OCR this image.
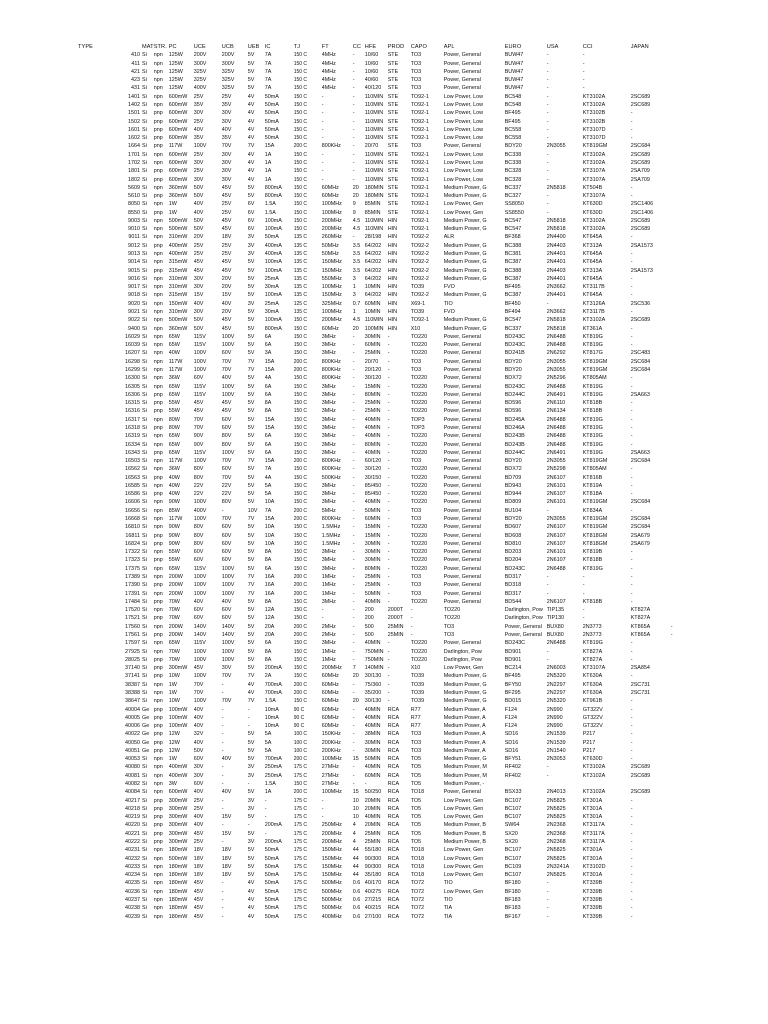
TYPE	MAT	STR.	PC	UCE	UCB	UEB	IC	TJ	FT	CC	HFE	PROD	CAPO	APL	EURO	USA	CCI	JAPAN	
410	Si	npn	125W	200V	200V	5V	7A	150 C	4MHz	-	10/60	STE	TO3	Power, General	BUW47	-	-		
411	Si	npn	125W	300V	300V	5V	7A	150 C	4MHz	-	10/60	STE	TO3	Power, General	BUW47	-	-		
421	Si	npn	125W	325V	325V	5V	7A	150 C	4MHz	-	10/60	STE	TO3	Power, General	BUW47	-	-		
423	Si	npn	125W	325V	325V	5V	7A	150 C	4MHz	-	40/60	STE	TO3	Power, General	BUW47	-	-		
431	Si	npn	125W	400V	325V	5V	7A	150 C	4MHz	-	40/120	STE	TO3	Power, General	BUW47	-	-		
1401	Si	npn	600mW	25V	25V	4V	50mA	150 C	-	-	110MIN	STE	TO92-1	Low Power, Low	BC548	-	KT3102A	2SC689	
1402	Si	npn	600mW	35V	35V	4V	50mA	150 C	-	-	110MIN	STE	TO92-1	Low Power, Low	BC548	-	KT3102A	2SC689	
1501	Si	pnp	600mW	30V	30V	4V	50mA	150 C	-	-	110MIN	STE	TO92-1	Low Power, Low	BF495	-	KT3102B	-	
1502	Si	pnp	600mW	25V	30V	4V	50mA	150 C	-	-	110MIN	STE	TO92-1	Low Power, Low	BF495	-	KT3102B	-	
1601	Si	pnp	600mW	40V	40V	4V	50mA	150 C	-	-	110MIN	STE	TO92-1	Low Power, Low	BC558	-	KT3107D	-	
1602	Si	pnp	600mW	35V	35V	4V	50mA	150 C	-	-	110MIN	STE	TO92-1	Low Power, Low	BC558	-	KT3107D	-	
1664	Si	pnp	117W	100V	70V	7V	15A	200 C	800KHz	-	20/70	STE	TO3	Power, General	BDY20	2N3055	KT819GM	2SC684	
1701	Si	npn	600mW	25V	30V	4V	1A	150 C	-	-	110MIN	STE	TO92-1	Low Power, Low	BC338	-	KT3102A	2SC689	
1702	Si	npn	600mW	30V	30V	4V	1A	150 C	-	-	110MIN	STE	TO92-1	Low Power, Low	BC338	-	KT3102A	2SC689	
1801	Si	pnp	600mW	25V	30V	4V	1A	150 C	-	-	110MIN	STE	TO92-1	Low Power, Low	BC328	-	KT3107A	2SA709	
1802	Si	pnp	600mW	30V	30V	4V	1A	150 C	-	-	110MIN	STE	TO92-1	Low Power, Low	BC328	-	KT3107A	2SA709	
5609	Si	npn	360mW	50V	45V	5V	800mA	150 C	60MHz	20	180MIN	STE	TO92-1	Medium Power, G	BC337	2N5818	KT504B	-	
5610	Si	pnp	360mW	50V	45V	5V	800mA	150 C	60MHz	20	180MIN	STE	TO92-1	Medium Power, G	BC327	-	KT3107A	-	
8050	Si	npn	1W	40V	25V	6V	1.5A	150 C	100MHz	9	85MIN	STE	TO92-1	Low Power, Gen	SS8050	-	KT630D	2SC1406	
8550	Si	pnp	1W	40V	25V	6V	1.5A	150 C	100MHz	9	85MIN	STE	TO92-1	Low Power, Gen	SS8550	-	KT630D	2SC1406	
9003	Si	npn	500mW	50V	45V	6V	100mA	150 C	200MHz	4.5	110MIN	HIN	TO92-1	Medium Power, G	BC547	2N5818	KT3102A	2SC689	
9010	Si	npn	500mW	50V	45V	6V	100mA	150 C	200MHz	4.5	110MIN	HIN	TO92-1	Medium Power, G	BC547	2N5818	KT3102A	2SC689	
9011	Si	npn	310mW	20V	18V	3V	50mA	135 C	260MHz	-	28/198	HIN	TO92-2	ALR	BF368	2N4400	KT645A	-	
9012	Si	pnp	400mW	25V	25V	3V	400mA	135 C	50MHz	3.5	64/202	HIN	TO92-2	Medium Power, G	BC388	2N4403	KT313A	2SA1573	
9013	Si	npn	400mW	25V	25V	3V	400mA	135 C	50MHz	3.5	64/202	HIN	TO92-2	Medium Power, G	BC381	2N4401	KT645A	-	
9014	Si	npn	315mW	45V	45V	5V	100mA	135 C	150MHz	3.5	64/202	HIN	TO92-2	Medium Power, G	BC387	2N4401	KT645A	-	
9015	Si	pnp	315mW	45V	45V	5V	100mA	135 C	150MHz	3.5	64/202	HIN	TO92-2	Medium Power, G	BC388	2N4403	KT313A	2SA1573	
9016	Si	npn	310mW	30V	20V	5V	25mA	135 C	550MHz	3	64/202	HIN	TO92-2	Medium Power, G	BC387	2N4401	KT645A	-	
9017	Si	npn	310mW	30V	20V	5V	30mA	135 C	100MHz	1	10MIN	HIN	TO39	FVO	BF495	2N3662	KT3117B	-	
9018	Si	npn	315mW	15V	15V	5V	100mA	135 C	150MHz	3	64/202	HIN	TO92-2	Medium Power, G	BC387	2N4401	KT645A	-	
9020	Si	npn	150mW	40V	40V	3V	25mA	125 C	325MHz	0.7	60MIN	HIN	X69-1	TIO	BF450	-	KT3126A	2SC536	
9021	Si	npn	310mW	30V	20V	5V	30mA	135 C	100MHz	1	10MIN	HIN	TO39	FVO	BF494	2N3662	KT3117B	-	
9022	Si	npn	500mW	50V	45V	5V	100mA	150 C	200MHz	4.5	110MIN	HIN	TO92-1	Medium Power, G	BC547	2N5818	KT3102A	2SC689	
9400	Si	npn	360mW	50V	45V	5V	800mA	150 C	60MHz	20	100MIN	HIN	X10	Medium Power, G	BC337	2N5818	KT361A	-	
16029	Si	npn	65W	115V	100V	5V	6A	150 C	3MHz	-	30MIN	-	TO220	Power, General	BD243C	2N6488	KT819G	-	
16039	Si	npn	65W	115V	100V	5V	6A	150 C	3MHz	-	60MIN	-	TO220	Power, General	BD243C	2N6488	KT819G	-	
16207	Si	npn	40W	100V	60V	5V	3A	150 C	3MHz	-	25MIN	-	TO220	Power, General	BD241B	2N6292	KT817G	2SC483	
16298	Si	npn	117W	100V	70V	7V	15A	200 C	800KHz	-	20/70	-	TO3	Power, General	BDY20	2N3055	KT819GM	2SC684	
16299	Si	npn	117W	100V	70V	7V	15A	200 C	800KHz	-	20/120	-	TO3	Power, General	BDY20	2N3055	KT819GM	2SC684	
16300	Si	npn	36W	60V	40V	5V	4A	150 C	800KHz	-	30/120	-	TO220	Power, General	BDX72	2N5296	KT805AM	-	
16305	Si	npn	65W	115V	100V	5V	6A	150 C	3MHz	-	15MIN	-	TO220	Power, General	BD243C	2N6488	KT819G	-	
16306	Si	pnp	65W	115V	100V	5V	6A	150 C	3MHz	-	80MIN	-	TO220	Power, General	BD244C	2N6491	KT819G	2SA663	
16315	Si	pnp	55W	45V	45V	5V	8A	150 C	3MHz	-	25MIN	-	TO220	Power, General	BD596	2N6110	KT818B	-	
16316	Si	pnp	55W	45V	45V	5V	8A	150 C	3MHz	-	25MIN	-	TO220	Power, General	BD596	2N6134	KT818B	-	
16317	Si	npn	80W	70V	60V	5V	15A	150 C	3MHz	-	40MIN	-	TOP3	Power, General	BD245A	2N6488	KT819G	-	
16318	Si	pnp	80W	70V	60V	5V	15A	150 C	3MHz	-	40MIN	-	TOP3	Power, General	BD246A	2N6488	KT819G	-	
16319	Si	npn	65W	90V	80V	5V	6A	150 C	3MHz	-	40MIN	-	TO220	Power, General	BD243B	2N6488	KT819G	-	
16334	Si	npn	65W	90V	80V	5V	6A	150 C	3MHz	-	80MIN	-	TO220	Power, General	BD243B	2N6488	KT819G	-	
16343	Si	pnp	65W	115V	100V	5V	6A	150 C	3MHz	-	40MIN	-	TO220	Power, General	BD244C	2N6491	KT819G	2SA663	
16503	Si	npn	117W	100V	70V	7V	15A	200 C	800KHz	-	60/120	-	TO3	Power, General	BDY20	2N3055	KT819GM	2SC684	
16562	Si	npn	36W	80V	60V	5V	7A	150 C	800KHz	-	30/120	-	TO220	Power, General	BDX72	2N5298	KT805AM	-	
16563	Si	pnp	40W	80V	70V	5V	4A	150 C	500KHz	-	30/150	-	TO220	Power, General	BD709	2N6107	KT816B	-	
16585	Si	npn	40W	22V	22V	5V	5A	150 C	3MHz	-	85/450	-	TO220	Power, General	BD943	2N6101	KT819A	-	
16586	Si	pnp	40W	22V	22V	5V	5A	150 C	3MHz	-	85/450	-	TO220	Power, General	BD944	2N6107	KT818A	-	
16606	Si	npn	90W	100V	80V	5V	10A	150 C	3MHz	-	40MIN	-	TO220	Power, General	BD809	2N6101	KT819GM	2SC684	
16656	Si	npn	85W	400V	-	10V	7A	200 C	5MHz	-	50MIN	-	TO3	Power, General	BU104	-	KT834A	-	
16668	Si	npn	117W	100V	70V	7V	15A	200 C	800KHz	-	60MIN	-	TO3	Power, General	BDY20	2N3055	KT819GM	2SC684	
16810	Si	npn	90W	80V	60V	5V	10A	150 C	1.5MHz	-	15MIN	-	TO220	Power, General	BD607	2N6107	KT819GM	2SC684	
16811	Si	pnp	90W	80V	60V	5V	10A	150 C	1.5MHz	-	15MIN	-	TO220	Power, General	BD608	2N6107	KT818GM	2SA679	
16824	Si	pnp	90W	80V	60V	5V	10A	150 C	1.5MHz	-	30MIN	-	TO220	Power, General	BD810	2N6107	KT818GM	2SA679	
17322	Si	npn	55W	60V	60V	5V	8A	150 C	3MHz	-	30MIN	-	TO220	Power, General	BD203	2N6101	KT819B	-	
17323	Si	pnp	55W	60V	60V	5V	8A	150 C	3MHz	-	30MIN	-	TO220	Power, General	BD204	2N6107	KT818B	-	
17375	Si	npn	65W	115V	100V	5V	6A	150 C	3MHz	-	80MIN	-	TO220	Power, General	BD243C	2N6488	KT819G	-	
17389	Si	npn	200W	100V	100V	7V	16A	200 C	1MHz	-	25MIN	-	TO3	Power, General	BD317	-	-	-	
17390	Si	pnp	200W	100V	100V	7V	16A	200 C	1MHz	-	25MIN	-	TO3	Power, General	BD318	-	-	-	
17391	Si	npn	200W	100V	100V	7V	16A	200 C	1MHz	-	50MIN	-	TO3	Power, General	BD317	-	-	-	
17484	Si	pnp	70W	40V	40V	5V	8A	150 C	3MHz	-	40MIN	-	TO220	Power, General	BD544	2N6107	KT818B	-	
17520	Si	npn	70W	60V	60V	5V	12A	150 C	-	-	200	2000T	-	TO220	Darlington, Pow	TIP135	-	KT827A	
17521	Si	pnp	70W	60V	60V	5V	12A	150 C	-	-	200	2000T	-	TO220	Darlington, Pow	TIP130	-	KT827A	
17560	Si	npn	200W	140V	140V	5V	20A	200 C	2MHz	-	500	25MIN	-	TO3	Power, General	BUX80	2N3773	KT865A	-
17561	Si	pnp	200W	140V	140V	5V	20A	200 C	2MHz	-	500	25MIN	-	TO3	Power, General	BUX80	2N3773	KT865A	-
17597	Si	npn	65W	115V	100V	5V	6A	150 C	3MHz	-	40MIN	-	TO220	Power, General	BD243C	2N6488	KT819G	-	
27925	Si	npn	70W	100V	100V	5V	8A	150 C	1MHz	-	750MIN	-	TO220	Darlington, Pow	BD901	-	KT827A	-	
28025	Si	pnp	70W	100V	100V	5V	8A	150 C	1MHz	-	750MIN	-	TO220	Darlington, Pow	BD901	-	KT827A	-	
37140	Si	pnp	300mW	45V	30V	5V	200mA	150 C	200MHz	7	140MIN	-	X10	Low Power, Gen	BC214	2N6003	KT3107A	2SA854	
37141	Si	pnp	10W	100V	70V	7V	2A	150 C	60MHz	20	30/130	-	TO39	Medium Power, G	BF495	2N5320	KT630A	-	
38387	Si	npn	1W	70V	-	4V	700mA	200 C	60MHz	-	75/360	-	TO39	Medium Power, G	BFY50	2N2297	KT630A	2SC731	
38388	Si	npn	1W	70V	-	4V	700mA	200 C	60MHz	-	35/200	-	TO39	Medium Power, G	BF295	2N2297	KT630A	2SC731	
38647	Si	npn	10W	100V	70V	7V	1.5A	150 C	60MHz	20	30/130	-	TO39	Medium Power, G	BD015	2N5320	KT961B	-	
40004	Ge	pnp	100mW	40V	-	-	10mA	90 C	60MHz	-	40MIN	RCA	R77	Medium Power, A	F124	2N990	GT322V	-	
40005	Ge	pnp	100mW	40V	-	-	10mA	90 C	60MHz	-	40MIN	RCA	R77	Medium Power, A	F124	2N990	GT322V	-	
40006	Ge	pnp	100mW	40V	-	-	10mA	90 C	60MHz	-	40MIN	RCA	R77	Medium Power, A	F124	2N990	GT322V	-	
40022	Ge	pnp	12W	32V	-	5V	5A	100 C	150KHz	-	38MIN	RCA	TO3	Medium Power, A	SD16	2N1539	P217	-	
40050	Ge	pnp	12W	40V	-	5V	5A	100 C	200KHz	-	30MIN	RCA	TO3	Medium Power, A	SD16	2N1539	P217	-	
40051	Ge	pnp	12W	50V	-	5V	5A	100 C	200KHz	-	30MIN	RCA	TO3	Medium Power, A	SD16	2N1540	P217	-	
40053	Si	npn	1W	60V	40V	5V	700mA	200 C	100MHz	15	50MIN	RCA	TO5	Medium Power, G	BFY51	2N3053	KT630D	-	
40080	Si	npn	400mW	30V	-	3V	250mA	175 C	27MHz	-	40MIN	RCA	TO5	Medium Power, M	RF402	-	KT3102A	2SC689	
40081	Si	npn	400mW	30V	-	3V	250mA	175 C	27MHz	-	60MIN	RCA	TO5	Medium Power, M	RF402	-	KT3102A	2SC689	
40082	Si	npn	3W	60V	-	-	1.5A	150 C	27MHz	-	-	RCA	TO5	Medium Power, -					
40084	Si	npn	600mW	40V	40V	5V	1A	200 C	100MHz	15	50/250	RCA	TO18	Power, General	BSX33	2N4013	KT3102A	2SC689	
40217	Si	pnp	300mW	25V	-	3V	-	175 C	-	10	20MIN	RCA	TO5	Low Power, Gen	BC107	2N5825	KT301A	-	
40218	Si	pnp	300mW	25V	-	3V	-	175 C	-	10	20MIN	RCA	TO5	Low Power, Gen	BC107	2N5825	KT301A	-	
40219	Si	pnp	300mW	40V	15V	5V	-	175 C	-	10	40MIN	RCA	TO5	Low Power, Gen	BC107	2N5825	KT301A	-	
40220	Si	pnp	300mW	40V	-	-	200mA	175 C	250MHz	4	20MIN	RCA	TO5	Medium Power, B	SW64	2N2368	KT3117A	-	
40221	Si	pnp	300mW	45V	15V	5V	-	175 C	200MHz	4	25MIN	RCA	TO5	Medium Power, B	SX20	2N2368	KT3117A	-	
40222	Si	pnp	300mW	25V	-	3V	200mA	175 C	200MHz	4	25MIN	RCA	TO5	Medium Power, B	SX20	2N2368	KT3117A	-	
40231	Si	npn	180mW	18V	18V	5V	50mA	175 C	150MHz	44	55/180	RCA	TO18	Low Power, Gen	BC107	2N5825	KT301A	-	
40232	Si	npn	500mW	18V	18V	5V	50mA	175 C	150MHz	44	90/300	RCA	TO18	Low Power, Gen	BC107	2N5825	KT301A	-	
40233	Si	npn	180mW	18V	18V	5V	50mA	175 C	150MHz	44	90/300	RCA	TO18	Low Power, Gen	BC109	2N3241A	KT3102D	-	
40234	Si	npn	180mW	18V	18V	5V	50mA	175 C	150MHz	44	35/180	RCA	TO18	Low Power, Gen	BC107	2N5825	KT301A	-	
40235	Si	npn	180mW	45V	-	4V	50mA	175 C	500MHz	0.6	40/170	RCA	TO72	TIO	BF180	-	KT339B	-	
40236	Si	npn	180mW	45V	-	4V	50mA	175 C	500MHz	0.6	40/275	RCA	TO72	Low Power, Gen	BF180	-	KT339B	-	
40237	Si	npn	180mW	45V	-	4V	50mA	175 C	500MHz	0.6	27/215	RCA	TO72	TIO	BF183	-	KT339B	-	
40238	Si	npn	180mW	45V	-	4V	50mA	175 C	500MHz	0.6	40/215	RCA	TO72	TIA	BF183	-	KT339B	-	
40239	Si	npn	180mW	45V	-	4V	50mA	175 C	400MHz	0.6	27/100	RCA	TO72	TIA	BF167	-	KT339B	-	
